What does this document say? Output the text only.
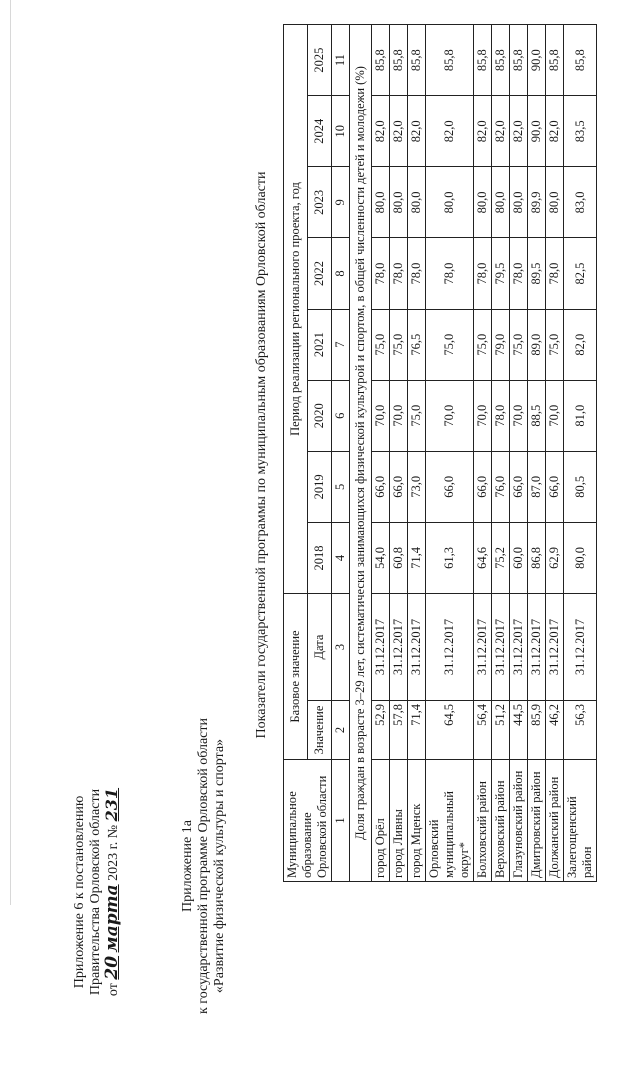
Приложение 6 к постановлению Правительства Орловской области от 20 марта 2023 г. № 231
Приложение 1а к государственной программе Орловской области «Развитие физической культуры и спорта»
Показатели государственной программы по муниципальным образованиям Орловской области
Муниципальное образование Орловской области	Базовое значение		Период реализации регионального проекта, год							
	Значение	Дата	2018	2019	2020	2021	2022	2023	2024	2025
1	2	3	4	5	6	7	8	9	10	11
Доля граждан в возрасте 3–29 лет, систематически занимающихся физической культурой и спортом, в общей численности детей и молодежи (%)										
город Орёл	52,9	31.12.2017	54,0	66,0	70,0	75,0	78,0	80,0	82,0	85,8
город Ливны	57,8	31.12.2017	60,8	66,0	70,0	75,0	78,0	80,0	82,0	85,8
город Мценск	71,4	31.12.2017	71,4	73,0	75,0	76,5	78,0	80,0	82,0	85,8
Орловский муниципальный округ*	64,5	31.12.2017	61,3	66,0	70,0	75,0	78,0	80,0	82,0	85,8
Болховский район	56,4	31.12.2017	64,6	66,0	70,0	75,0	78,0	80,0	82,0	85,8
Верховский район	51,2	31.12.2017	75,2	76,0	78,0	79,0	79,5	80,0	82,0	85,8
Глазуновский район	44,5	31.12.2017	60,0	66,0	70,0	75,0	78,0	80,0	82,0	85,8
Дмитровский район	85,9	31.12.2017	86,8	87,0	88,5	89,0	89,5	89,9	90,0	90,0
Должанский район	46,2	31.12.2017	62,9	66,0	70,0	75,0	78,0	80,0	82,0	85,8
Залегощенский район	56,3	31.12.2017	80,0	80,5	81,0	82,0	82,5	83,0	83,5	85,8
